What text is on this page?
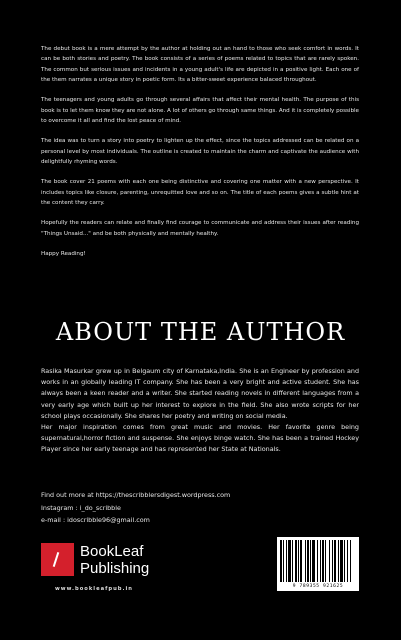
The debut book is a mere attempt by the author at holding out an hand to those who seek comfort in words. It can be both stories and poetry. The book consists of a series of poems related to topics that are rarely spoken. The common but serious issues and incidents in a young adult's life are depicted in a positive light. Each one of the them narrates a unique story in poetic form. Its a bitter-sweet experience balaced throughout.

The teenagers and young adults go through several affairs that affect their mental health. The purpose of this book is to let them know they are not alone. A lot of others go through same things. And it is completely possible to overcome it all and find the lost peace of mind.

The idea was to turn a story into poetry to lighten up the effect, since the topics addressed can be related on a personal level by most individuals. The outline is created to maintain the charm and captivate the audience with delightfully rhyming words.

The book cover 21 poems with each one being distinctive and covering one matter with a new perspective. It includes topics like closure, parenting, unrequitted love and so on. The title of each poems gives a subtle hint at the content they carry.

Hopefully the readers can relate and finally find courage to communicate and address their issues after reading "Things Unsaid..." and be both physically and mentally healthy.

Happy Reading!

ABOUT THE AUTHOR

Rasika Masurkar grew up in Belgaum city of Karnataka,India. She is an Engineer by profession and works in an globally leading IT company. She has been a very bright and active student. She has always been a keen reader and a writer. She started reading novels in different languages from a very early age which built up her interest to explore in the field. She also wrote scripts for her school plays occasionally. She shares her poetry and writing on social media.

Her major inspiration comes from great music and movies. Her favorite genre being supernatural,horror fiction and suspense. She enjoys binge watch. She has been a trained Hockey Player since her early teenage and has represented her State at Nationals.

Find out more at https://thescribblersdigest.wordpress.com
Instagram : i_do_scribble
e-mail : idoscribble96@gmail.com
BookLeaf
Publishing
www.bookleafpub.in	9 789355 921625
